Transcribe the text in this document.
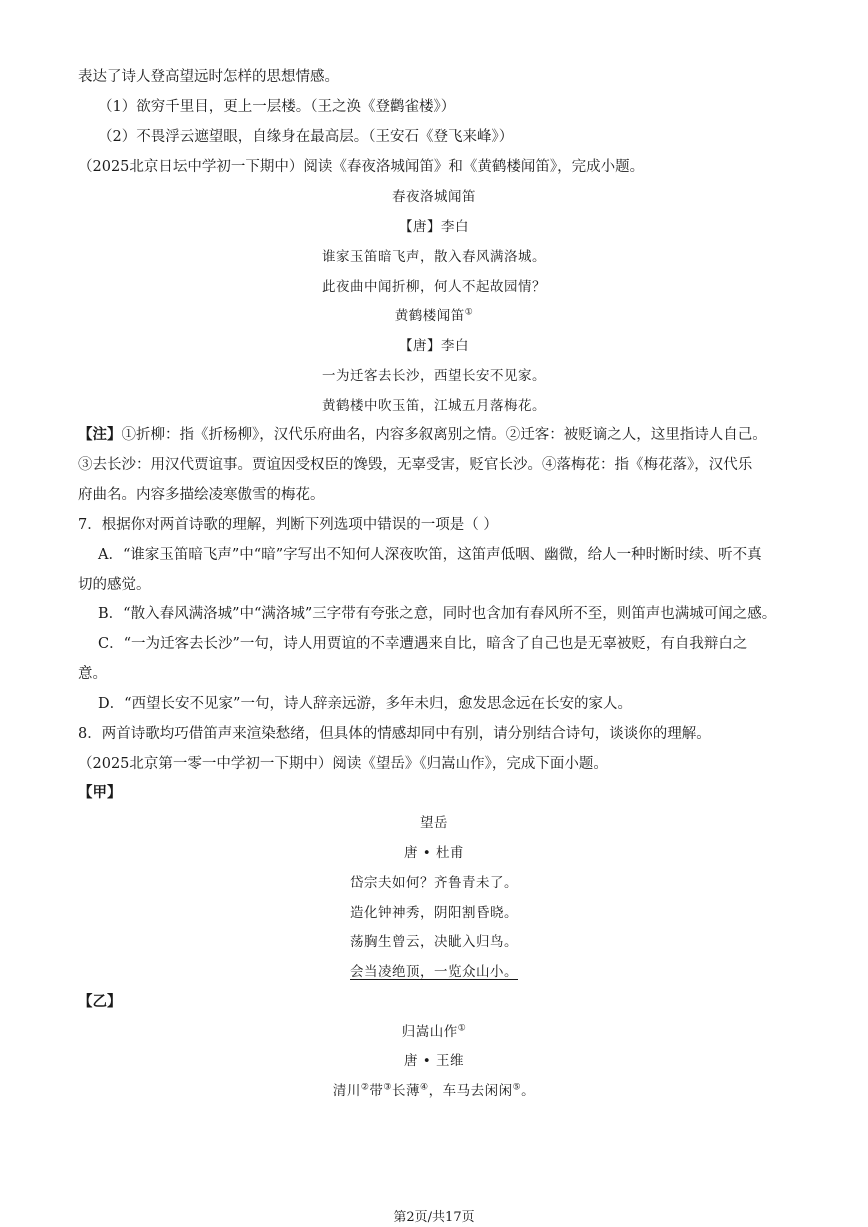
表达了诗人登高望远时怎样的思想情感。
（1）欲穷千里目，更上一层楼。（王之涣《登鹳雀楼》）
（2）不畏浮云遮望眼，自缘身在最高层。（王安石《登飞来峰》）
（2025北京日坛中学初一下期中）阅读《春夜洛城闻笛》和《黄鹤楼闻笛》，完成小题。
春夜洛城闻笛
【唐】李白
谁家玉笛暗飞声，散入春风满洛城。
此夜曲中闻折柳，何人不起故园情？
黄鹤楼闻笛①
【唐】李白
一为迁客去长沙，西望长安不见家。
黄鹤楼中吹玉笛，江城五月落梅花。
【注】①折柳：指《折杨柳》，汉代乐府曲名，内容多叙离别之情。②迁客：被贬谪之人，这里指诗人自己。
③去长沙：用汉代贾谊事。贾谊因受权臣的馋毁，无辜受害，贬官长沙。④落梅花：指《梅花落》，汉代乐
府曲名。内容多描绘凌寒傲雪的梅花。
7．根据你对两首诗歌的理解，判断下列选项中错误的一项是（ ）
A．“谁家玉笛暗飞声”中“暗”字写出不知何人深夜吹笛，这笛声低咽、幽微，给人一种时断时续、听不真
切的感觉。
B．“散入春风满洛城”中“满洛城”三字带有夸张之意，同时也含加有春风所不至，则笛声也满城可闻之感。
C．“一为迁客去长沙”一句，诗人用贾谊的不幸遭遇来自比，暗含了自己也是无辜被贬，有自我辩白之
意。
D．“西望长安不见家”一句，诗人辞亲远游，多年未归，愈发思念远在长安的家人。
8．两首诗歌均巧借笛声来渲染愁绪，但具体的情感却同中有别，请分别结合诗句，谈谈你的理解。
（2025北京第一零一中学初一下期中）阅读《望岳》《归嵩山作》，完成下面小题。
【甲】
望岳
唐 • 杜甫
岱宗夫如何？齐鲁青未了。
造化钟神秀，阴阳割昏晓。
荡胸生曾云，决眦入归鸟。
会当凌绝顶，一览众山小。
【乙】
归嵩山作①
唐 • 王维
清川②带③长薄④，车马去闲闲⑤。
第2页/共17页
